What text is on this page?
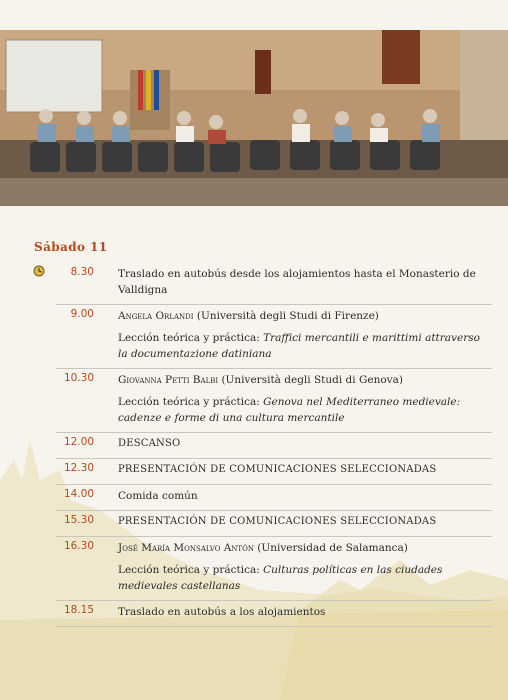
Sábado 11
8.30 Traslado en autobús desde los alojamientos hasta el Monasterio de Valldigna
9.00 Angela Orlandi (Università degli Studi di Firenze)
Lección teórica y práctica: Traffici mercantili e marittimi attraverso la documentazione datiniana
10.30 Giovanna Petti Balbi (Università degli Studi di Genova)
Lección teórica y práctica: Genova nel Mediterraneo medievale: cadenze e forme di una cultura mercantile
12.00 DESCANSO
12.30 PRESENTACIÓN DE COMUNICACIONES SELECCIONADAS
14.00 Comida común
15.30 PRESENTACIÓN DE COMUNICACIONES SELECCIONADAS
16.30 José María Monsalvo Antón (Universidad de Salamanca)
Lección teórica y práctica: Culturas políticas en las ciudades medievales castellanas
18.15 Traslado en autobús a los alojamientos
